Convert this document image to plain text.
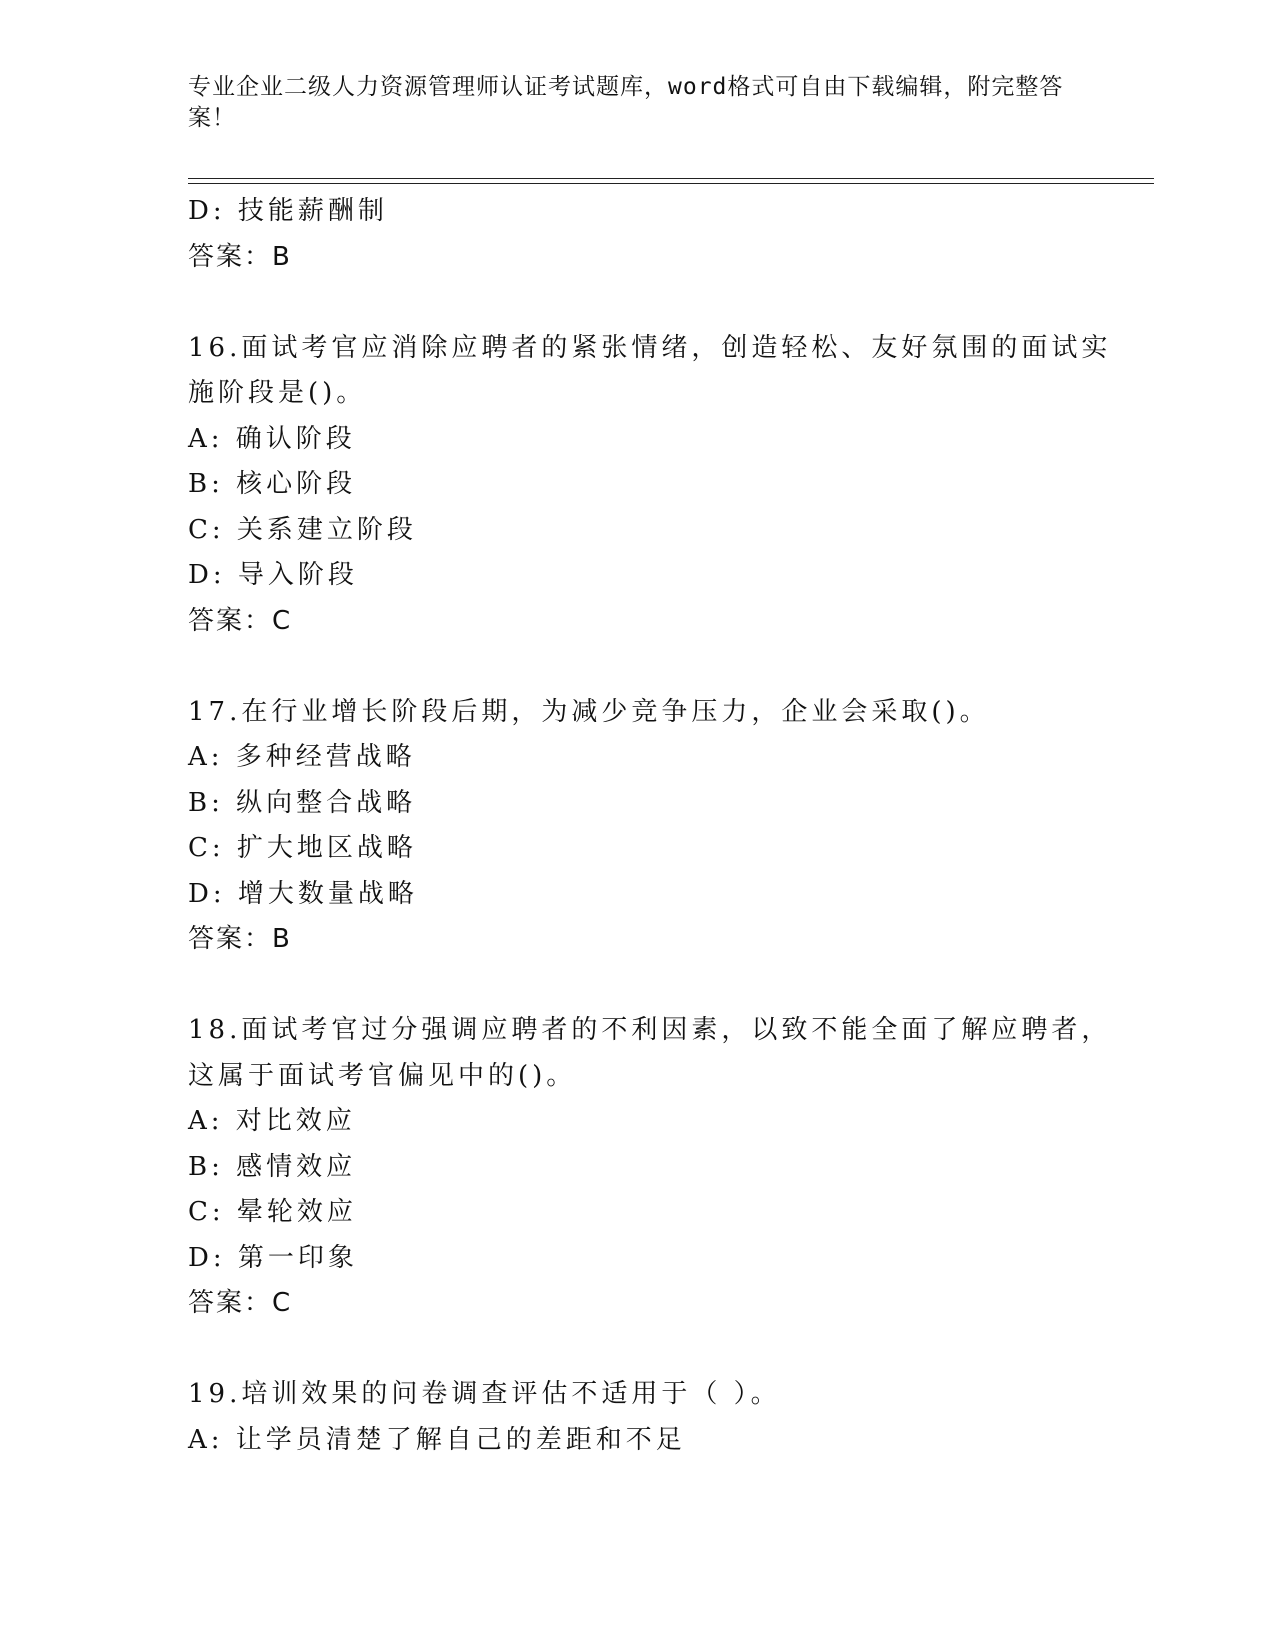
专业企业二级人力资源管理师认证考试题库，word格式可自由下载编辑，附完整答案！
D: 技能薪酬制
答案：B
16.面试考官应消除应聘者的紧张情绪，创造轻松、友好氛围的面试实
施阶段是()。
A: 确认阶段
B: 核心阶段
C: 关系建立阶段
D: 导入阶段
答案：C
17.在行业增长阶段后期，为减少竞争压力，企业会采取()。
A: 多种经营战略
B: 纵向整合战略
C: 扩大地区战略
D: 增大数量战略
答案：B
18.面试考官过分强调应聘者的不利因素，以致不能全面了解应聘者，
这属于面试考官偏见中的()。
A: 对比效应
B: 感情效应
C: 晕轮效应
D: 第一印象
答案：C
19.培训效果的问卷调查评估不适用于（ ）。
A: 让学员清楚了解自己的差距和不足
